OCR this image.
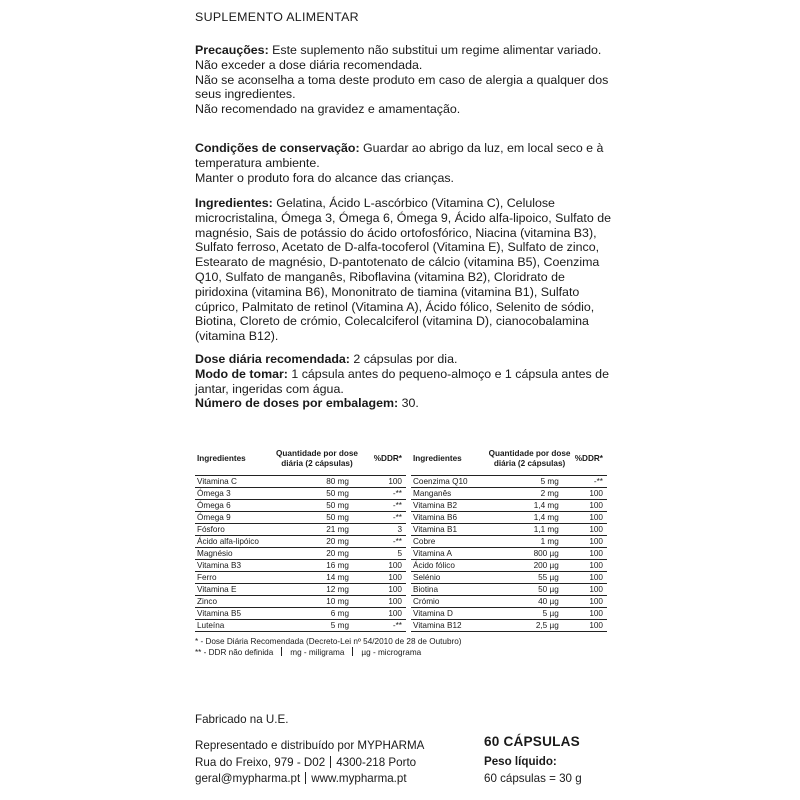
SUPLEMENTO ALIMENTAR

Precauções: Este suplemento não substitui um regime alimentar variado.

Não exceder a dose diária recomendada.

Não se aconselha a toma deste produto em caso de alergia a qualquer dos seus ingredientes.

Não recomendado na gravidez e amamentação.

Condições de conservação: Guardar ao abrigo da luz, em local seco e à temperatura ambiente.

Manter o produto fora do alcance das crianças.

Ingredientes: Gelatina, Ácido L-ascórbico (Vitamina C), Celulose microcristalina, Ómega 3, Ómega 6, Ómega 9, Ácido alfa-lipoico, Sulfato de magnésio, Sais de potássio do ácido ortofosfórico, Niacina (vitamina B3), Sulfato ferroso, Acetato de D-alfa-tocoferol (Vitamina E), Sulfato de zinco, Estearato de magnésio, D-pantotenato de cálcio (vitamina B5), Coenzima Q10, Sulfato de manganês, Riboflavina (vitamina B2), Cloridrato de piridoxina (vitamina B6), Mononitrato de tiamina (vitamina B1), Sulfato cúprico, Palmitato de retinol (Vitamina A), Ácido fólico, Selenito de sódio, Biotina, Cloreto de crómio, Colecalciferol (vitamina D), cianocobalamina (vitamina B12).

Dose diária recomendada: 2 cápsulas por dia.

Modo de tomar: 1 cápsula antes do pequeno-almoço e 1 cápsula antes de jantar, ingeridas com água.

Número de doses por embalagem: 30.

Ingredientes	Quantidade por dose diária (2 cápsulas)	%DDR*
Vitamina C	80 mg	100
Ómega 3	50 mg	-**
Ómega 6	50 mg	-**
Ómega 9	50 mg	-**
Fósforo	21 mg	3
Ácido alfa-lipóico	20 mg	-**
Magnésio	20 mg	5
Vitamina B3	16 mg	100
Ferro	14 mg	100
Vitamina E	12 mg	100
Zinco	10 mg	100
Vitamina B5	6 mg	100
Luteína	5 mg	-**
Ingredientes	Quantidade por dose diária (2 cápsulas)	%DDR*
Coenzima Q10	5 mg	-**
Manganês	2 mg	100
Vitamina B2	1,4 mg	100
Vitamina B6	1,4 mg	100
Vitamina B1	1,1 mg	100
Cobre	1 mg	100
Vitamina A	800 µg	100
Ácido fólico	200 µg	100
Selénio	55 µg	100
Biotina	50 µg	100
Crómio	40 µg	100
Vitamina D	5 µg	100
Vitamina B12	2,5 µg	100

* - Dose Diária Recomendada (Decreto-Lei nº 54/2010 de 28 de Outubro)

** - DDR não definida mg - miligrama µg - micrograma

Fabricado na U.E.

Representado e distribuído por MYPHARMA

Rua do Freixo, 979 - D02 4300-218 Porto

geral@mypharma.pt www.mypharma.pt

60 CÁPSULAS

Peso líquido:

60 cápsulas = 30 g
